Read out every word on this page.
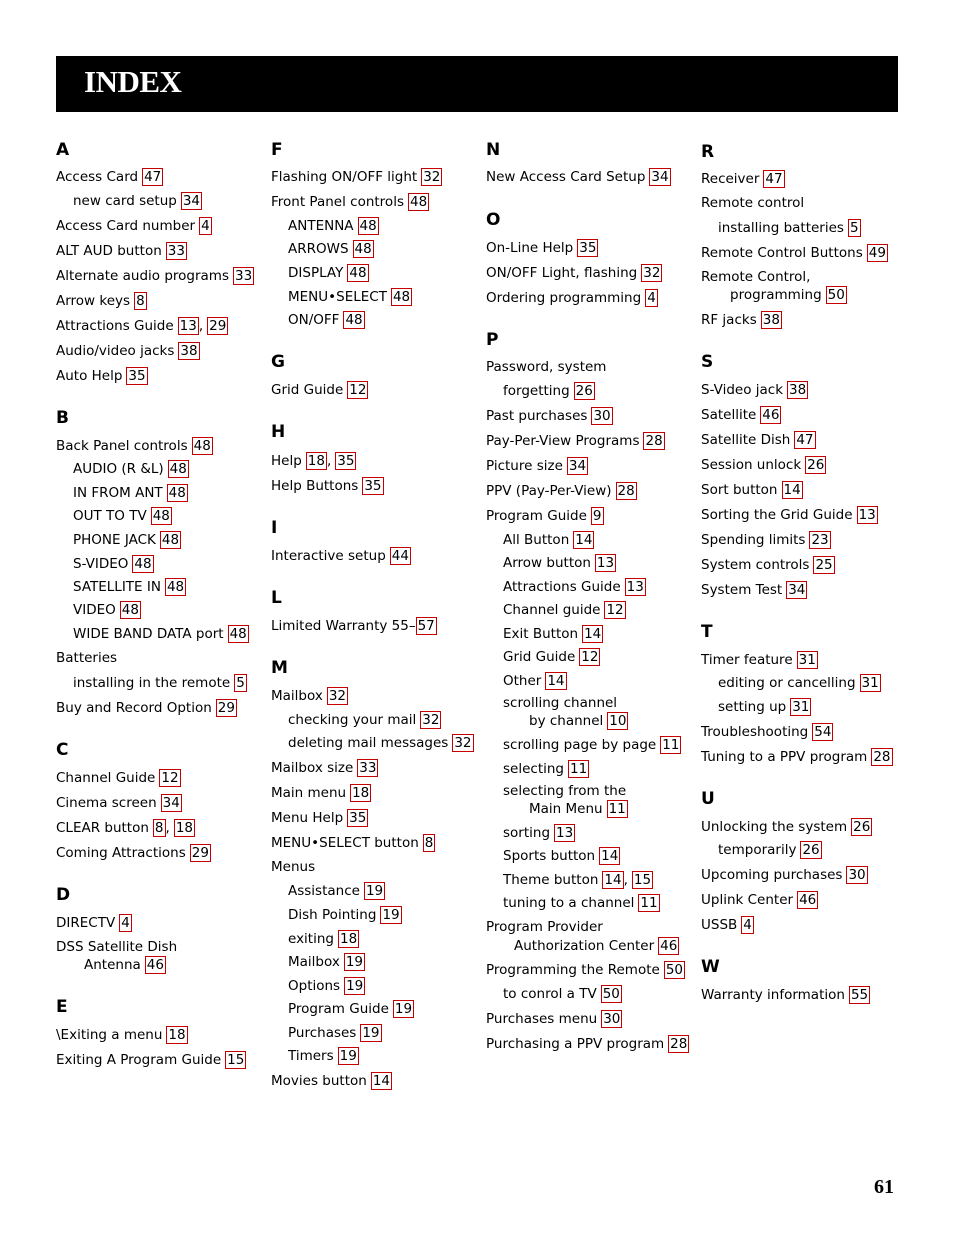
INDEX
A
Access Card 47
new card setup 34
Access Card number 4
ALT AUD button 33
Alternate audio programs 33
Arrow keys 8
Attractions Guide 13 , 29
Audio/video jacks 38
Auto Help 35
B
Back Panel controls 48
AUDIO (R &L) 48
IN FROM ANT 48
OUT TO TV 48
PHONE JACK 48
S-VIDEO 48
SATELLITE IN 48
VIDEO 48
WIDE BAND DATA port 48
Batteries
installing in the remote 5
Buy and Record Option 29
C
Channel Guide 12
Cinema screen 34
CLEAR button 8 , 18
Coming Attractions 29
D
DIRECTV 4
DSS Satellite Dish
Antenna 46
E
\Exiting a menu 18
Exiting A Program Guide 15
F
Flashing ON/OFF light 32
Front Panel controls 48
ANTENNA 48
ARROWS 48
DISPLAY 48
MENU•SELECT 48
ON/OFF 48
G
Grid Guide 12
H
Help 18 , 35
Help Buttons 35
I
Interactive setup 44
L
Limited Warranty 55– 57
M
Mailbox 32
checking your mail 32
deleting mail messages 32
Mailbox size 33
Main menu 18
Menu Help 35
MENU•SELECT button 8
Menus
Assistance 19
Dish Pointing 19
exiting 18
Mailbox 19
Options 19
Program Guide 19
Purchases 19
Timers 19
Movies button 14
N
New Access Card Setup 34
O
On-Line Help 35
ON/OFF Light, flashing 32
Ordering programming 4
P
Password, system
forgetting 26
Past purchases 30
Pay-Per-View Programs 28
Picture size 34
PPV (Pay-Per-View) 28
Program Guide 9
All Button 14
Arrow button 13
Attractions Guide 13
Channel guide 12
Exit Button 14
Grid Guide 12
Other 14
scrolling channel
by channel 10
scrolling page by page 11
selecting 11
selecting from the
Main Menu 11
sorting 13
Sports button 14
Theme button 14 , 15
tuning to a channel 11
Program Provider
Authorization Center 46
Programming the Remote 50
to conrol a TV 50
Purchases menu 30
Purchasing a PPV program 28
R
Receiver 47
Remote control
installing batteries 5
Remote Control Buttons 49
Remote Control,
programming 50
RF jacks 38
S
S-Video jack 38
Satellite 46
Satellite Dish 47
Session unlock 26
Sort button 14
Sorting the Grid Guide 13
Spending limits 23
System controls 25
System Test 34
T
Timer feature 31
editing or cancelling 31
setting up 31
Troubleshooting 54
Tuning to a PPV program 28
U
Unlocking the system 26
temporarily 26
Upcoming purchases 30
Uplink Center 46
USSB 4
W
Warranty information 55
61
